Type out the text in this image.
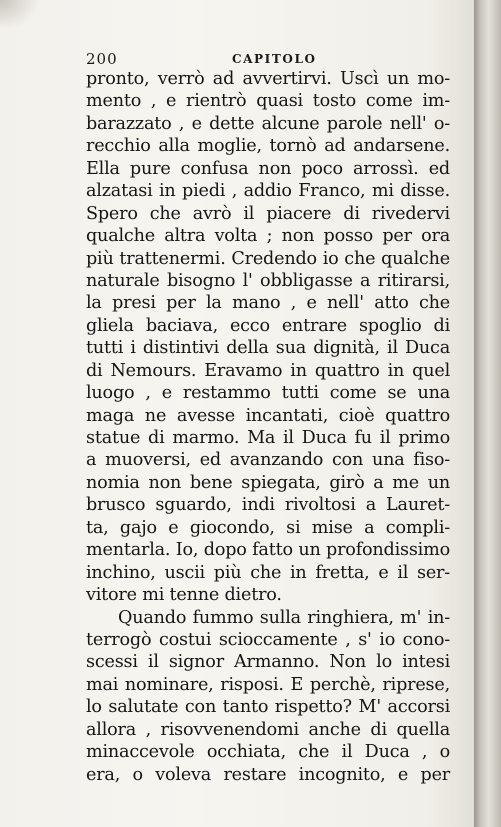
200	CAPITOLO
pronto, verrò ad avvertirvi. Uscì un mo-
mento , e rientrò quasi tosto come im-
barazzato , e dette alcune parole nell' o-
recchio alla moglie, tornò ad andarsene.
Ella pure confusa non poco arrossì. ed
alzatasi in piedi , addio Franco, mi disse.
Spero che avrò il piacere di rivedervi
qualche altra volta ; non posso per ora
più trattenermi. Credendo io che qualche
naturale bisogno l' obbligasse a ritirarsi,
la presi per la mano , e nell' atto che
gliela baciava, ecco entrare spoglio di
tutti i distintivi della sua dignità, il Duca
di Nemours. Eravamo in quattro in quel
luogo , e restammo tutti come se una
maga ne avesse incantati, cioè quattro
statue di marmo. Ma il Duca fu il primo
a muoversi, ed avanzando con una fiso-
nomia non bene spiegata, girò a me un
brusco sguardo, indi rivoltosi a Lauret-
ta, gajo e giocondo, si mise a compli-
mentarla. Io, dopo fatto un profondissimo
inchino, uscii più che in fretta, e il ser-
vitore mi tenne dietro.
Quando fummo sulla ringhiera, m' in-
terrogò costui scioccamente , s' io cono-
scessi il signor Armanno. Non lo intesi
mai nominare, risposi. E perchè, riprese,
lo salutate con tanto rispetto? M' accorsi
allora , risovvenendomi anche di quella
minaccevole occhiata, che il Duca , o
era, o voleva restare incognito, e per
